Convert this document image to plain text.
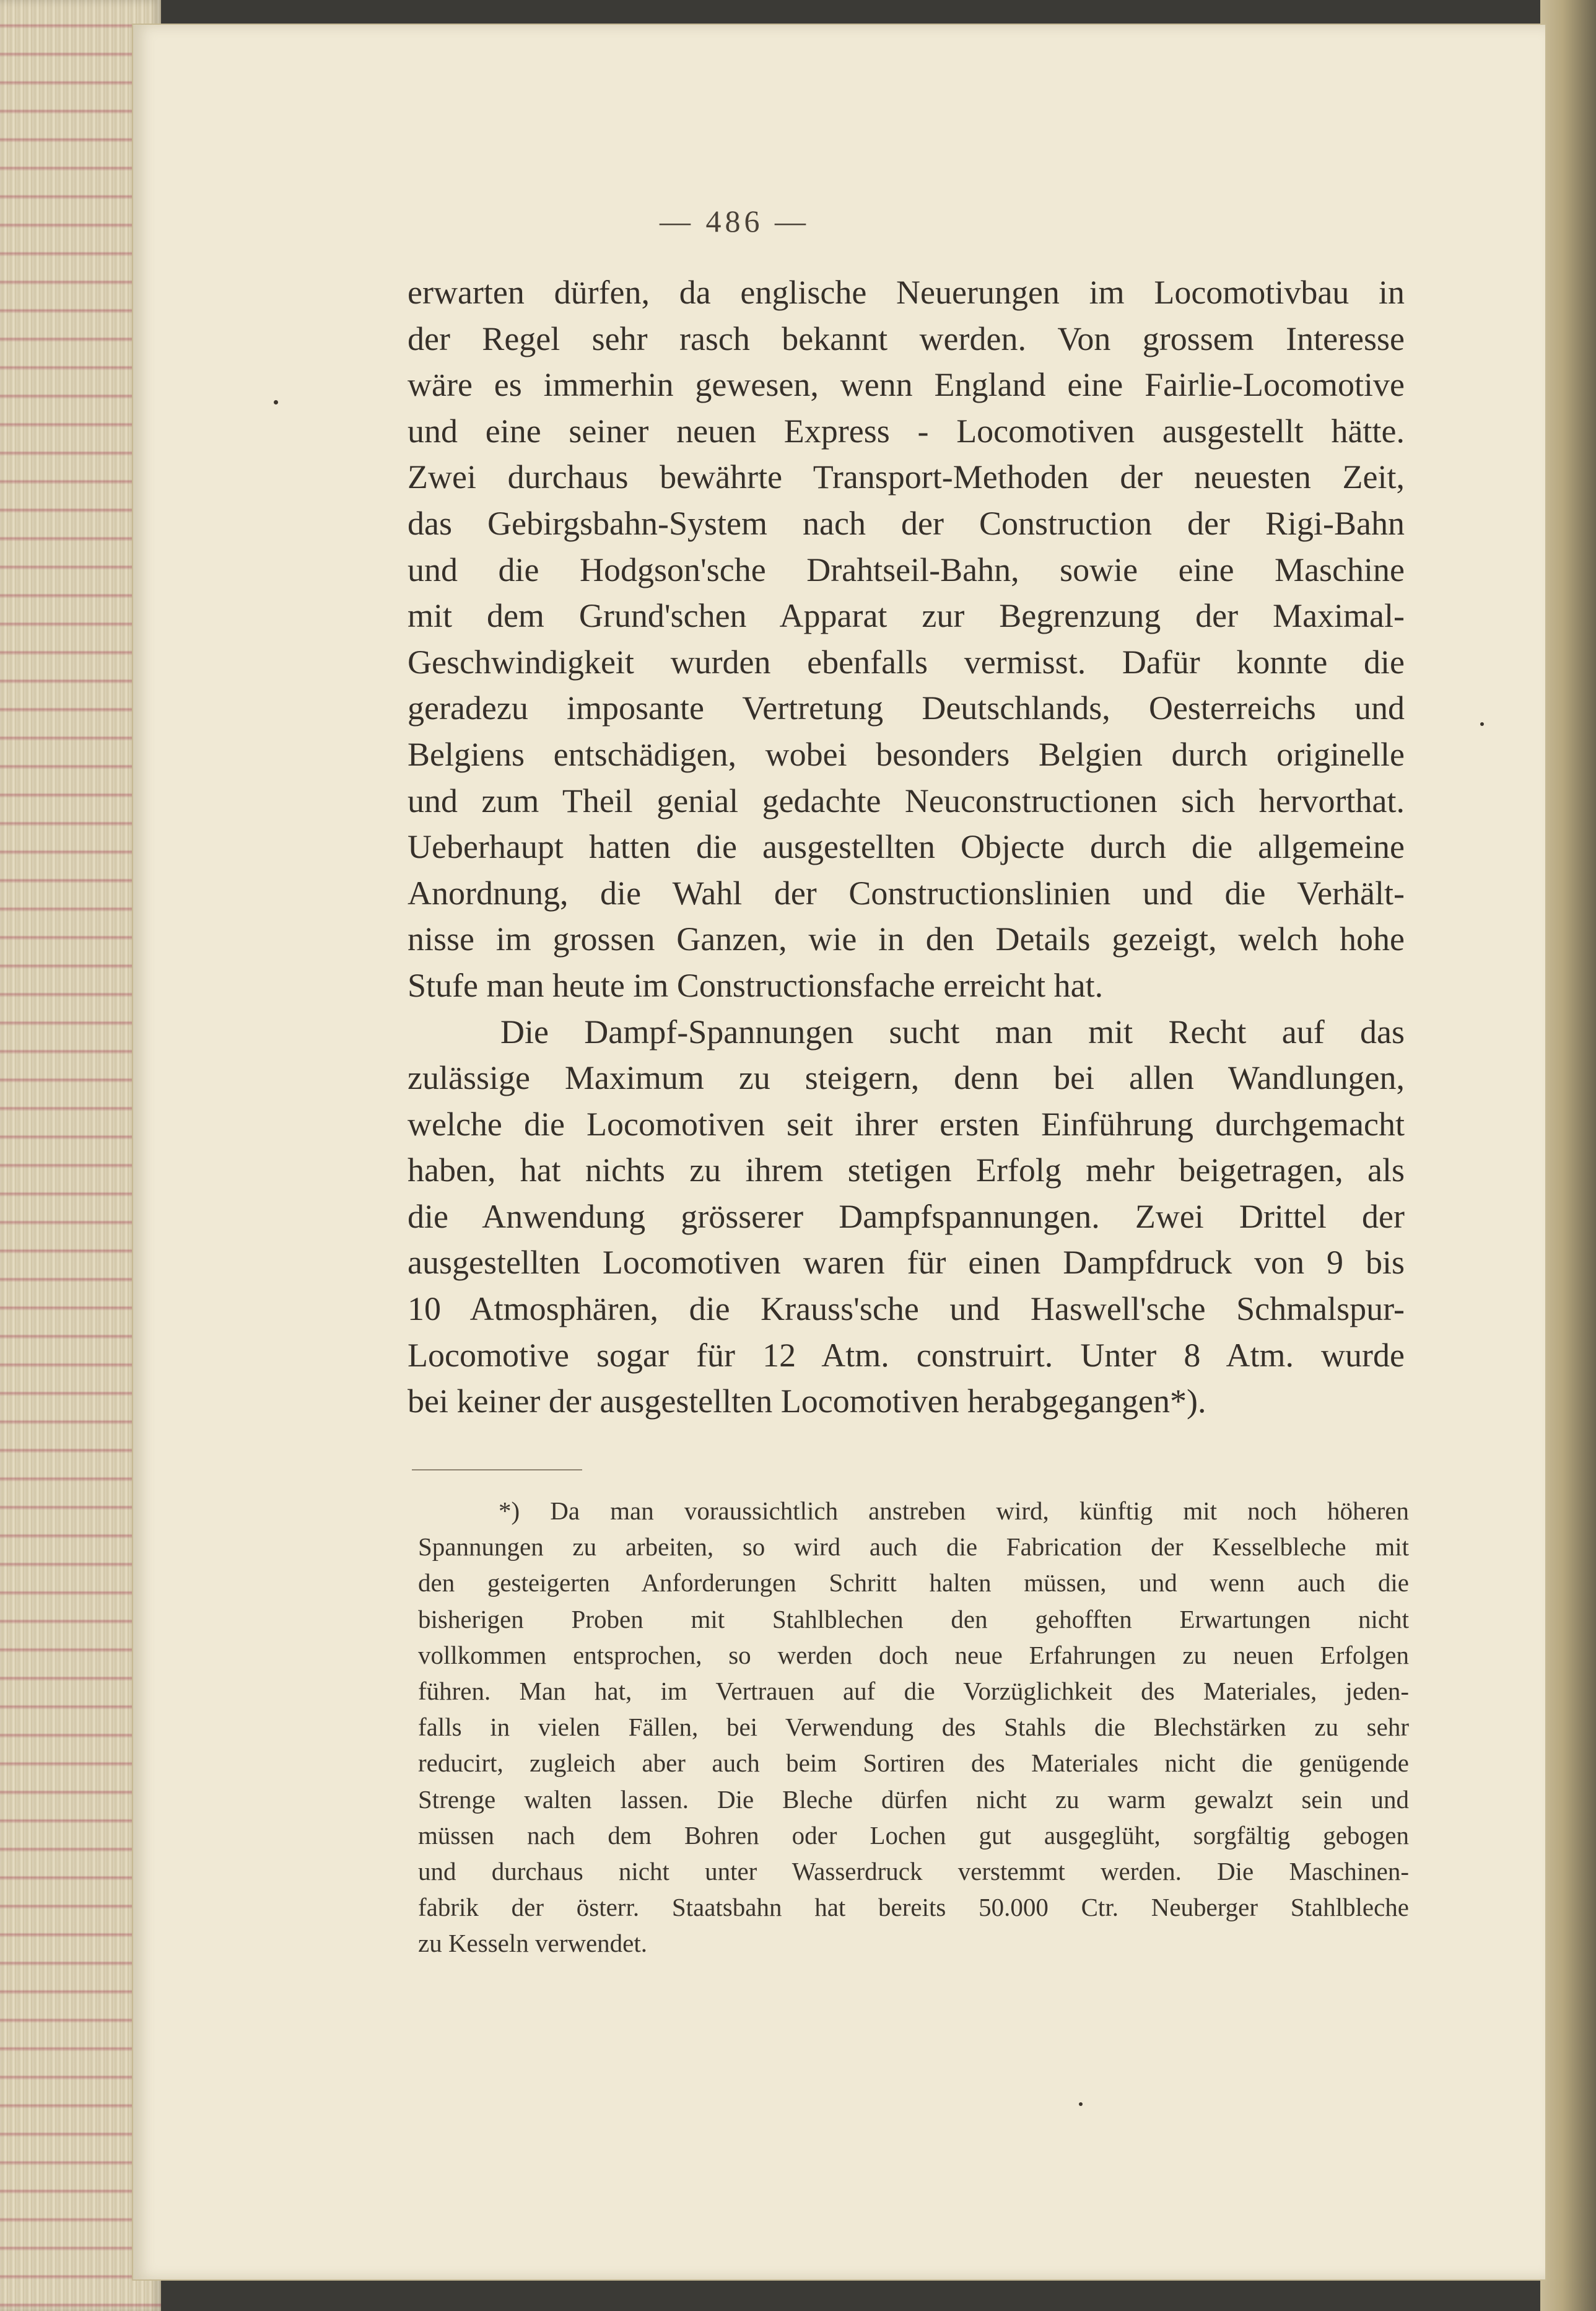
— 486 —
erwarten dürfen, da englische Neuerungen im Locomotivbau in
der Regel sehr rasch bekannt werden. Von grossem Interesse
wäre es immerhin gewesen, wenn England eine Fairlie-Locomotive
und eine seiner neuen Express - Locomotiven ausgestellt hätte.
Zwei durchaus bewährte Transport-Methoden der neuesten Zeit,
das Gebirgsbahn-System nach der Construction der Rigi-Bahn
und die Hodgson'sche Drahtseil-Bahn, sowie eine Maschine
mit dem Grund'schen Apparat zur Begrenzung der Maximal-
Geschwindigkeit wurden ebenfalls vermisst. Dafür konnte die
geradezu imposante Vertretung Deutschlands, Oesterreichs und
Belgiens entschädigen, wobei besonders Belgien durch originelle
und zum Theil genial gedachte Neuconstructionen sich hervorthat.
Ueberhaupt hatten die ausgestellten Objecte durch die allgemeine
Anordnung, die Wahl der Constructionslinien und die Verhält-
nisse im grossen Ganzen, wie in den Details gezeigt, welch hohe
Stufe man heute im Constructionsfache erreicht hat.
Die Dampf-Spannungen sucht man mit Recht auf das
zulässige Maximum zu steigern, denn bei allen Wandlungen,
welche die Locomotiven seit ihrer ersten Einführung durchgemacht
haben, hat nichts zu ihrem stetigen Erfolg mehr beigetragen, als
die Anwendung grösserer Dampfspannungen. Zwei Drittel der
ausgestellten Locomotiven waren für einen Dampfdruck von 9 bis
10 Atmosphären, die Krauss'sche und Haswell'sche Schmalspur-
Locomotive sogar für 12 Atm. construirt. Unter 8 Atm. wurde
bei keiner der ausgestellten Locomotiven herabgegangen*).
*) Da man voraussichtlich anstreben wird, künftig mit noch höheren
Spannungen zu arbeiten, so wird auch die Fabrication der Kesselbleche mit
den gesteigerten Anforderungen Schritt halten müssen, und wenn auch die
bisherigen Proben mit Stahlblechen den gehofften Erwartungen nicht
vollkommen entsprochen, so werden doch neue Erfahrungen zu neuen Erfolgen
führen. Man hat, im Vertrauen auf die Vorzüglichkeit des Materiales, jeden-
falls in vielen Fällen, bei Verwendung des Stahls die Blechstärken zu sehr
reducirt, zugleich aber auch beim Sortiren des Materiales nicht die genügende
Strenge walten lassen. Die Bleche dürfen nicht zu warm gewalzt sein und
müssen nach dem Bohren oder Lochen gut ausgeglüht, sorgfältig gebogen
und durchaus nicht unter Wasserdruck verstemmt werden. Die Maschinen-
fabrik der österr. Staatsbahn hat bereits 50.000 Ctr. Neuberger Stahlbleche
zu Kesseln verwendet.
